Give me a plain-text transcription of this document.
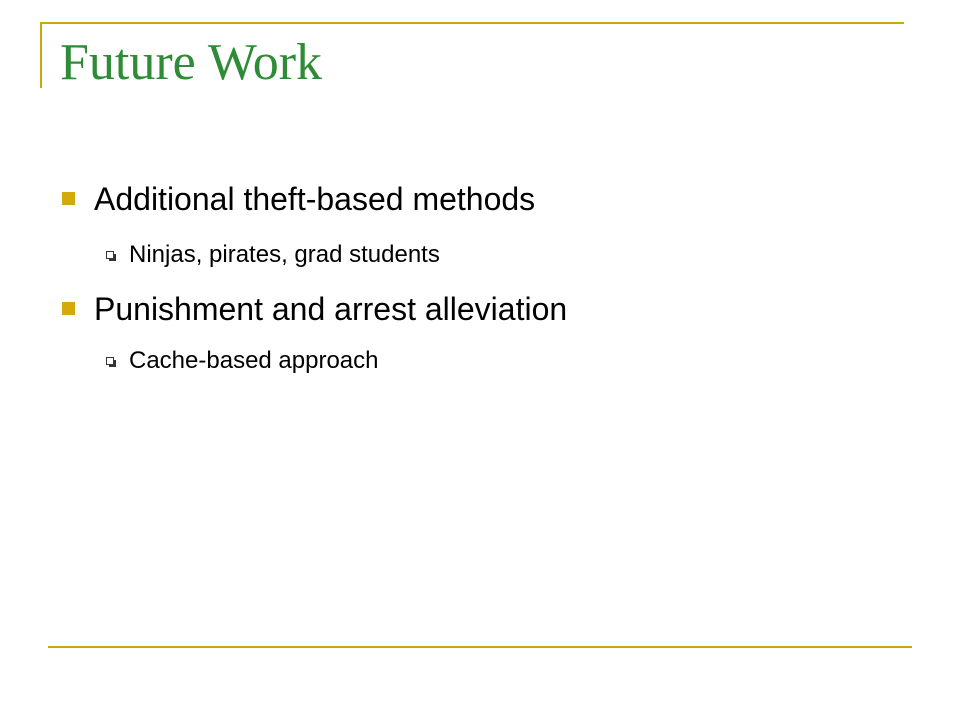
Future Work
Additional theft-based methods
Ninjas, pirates, grad students
Punishment and arrest alleviation
Cache-based approach
